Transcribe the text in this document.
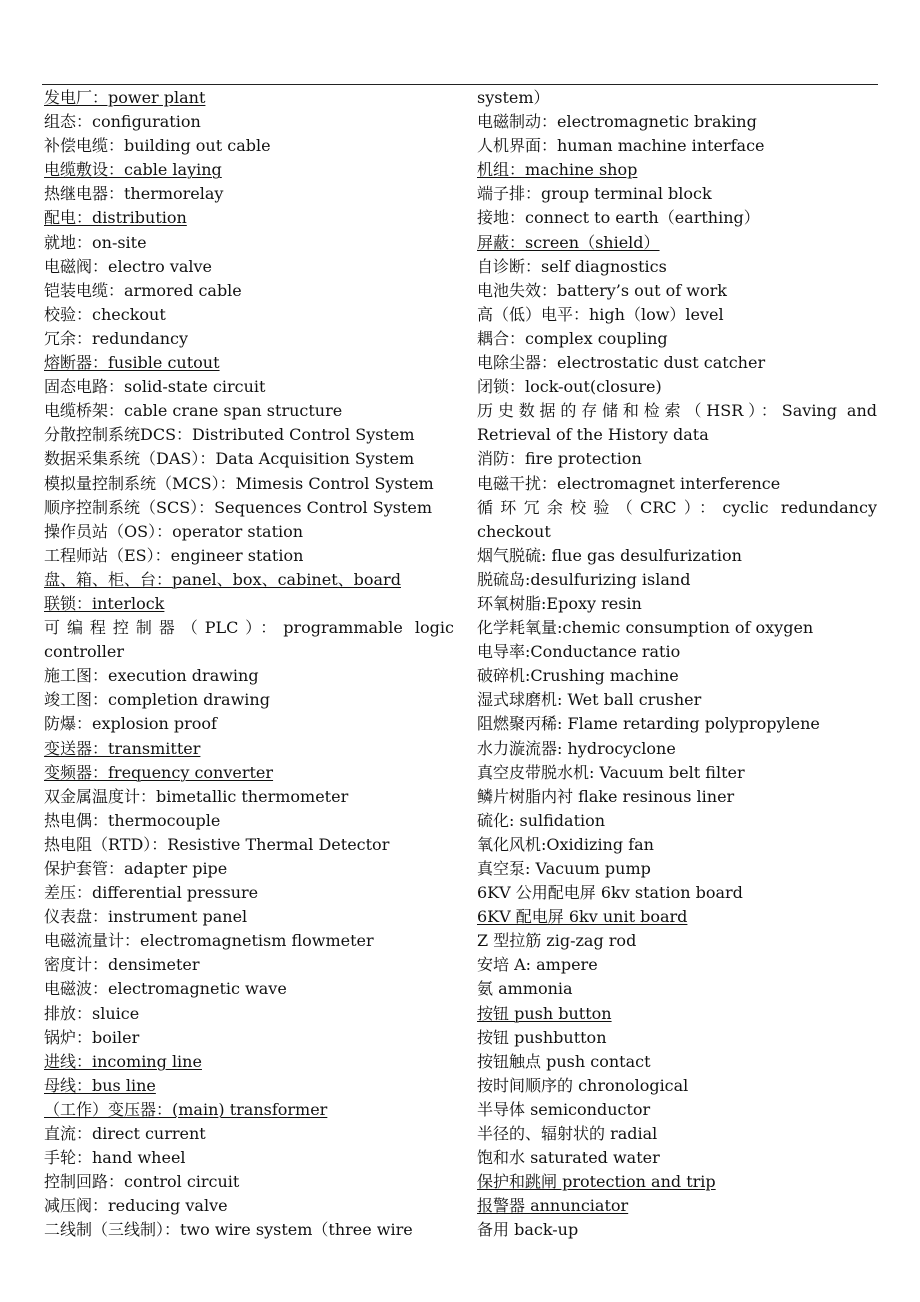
发电厂：power plant
组态：configuration
补偿电缆：building out cable
电缆敷设：cable laying
热继电器：thermorelay
配电：distribution
就地：on-site
电磁阀：electro valve
铠装电缆：armored cable
校验：checkout
冗余：redundancy
熔断器：fusible cutout
固态电路：solid-state circuit
电缆桥架：cable crane span structure
分散控制系统DCS：Distributed Control System
数据采集系统（DAS）：Data Acquisition System
模拟量控制系统（MCS）：Mimesis Control System
顺序控制系统（SCS）：Sequences Control System
操作员站（OS）：operator station
工程师站（ES）：engineer station
盘、箱、柜、台：panel、box、cabinet、board
联锁：interlock
可编程控制器（PLC）：programmable logic
controller
施工图：execution drawing
竣工图：completion drawing
防爆：explosion proof
变送器：transmitter
变频器：frequency converter
双金属温度计：bimetallic thermometer
热电偶：thermocouple
热电阻（RTD）：Resistive Thermal Detector
保护套管：adapter pipe
差压：differential pressure
仪表盘：instrument panel
电磁流量计：electromagnetism flowmeter
密度计：densimeter
电磁波：electromagnetic wave
排放：sluice
锅炉：boiler
进线：incoming line
母线：bus line
（工作）变压器：(main) transformer
直流：direct current
手轮：hand wheel
控制回路：control circuit
减压阀：reducing valve
二线制（三线制）：two wire system（three wire
system）
电磁制动：electromagnetic braking
人机界面：human machine interface
机组：machine shop
端子排：group terminal block
接地：connect to earth（earthing）
屏蔽：screen（shield）
自诊断：self diagnostics
电池失效：battery’s out of work
高（低）电平：high（low）level
耦合：complex coupling
电除尘器：electrostatic dust catcher
闭锁：lock-out(closure)
历史数据的存储和检索（HSR）：Saving and
Retrieval of the History data
消防：fire protection
电磁干扰：electromagnet interference
循环冗余校验（CRC）：cyclic redundancy
checkout
烟气脱硫: flue gas desulfurization
脱硫岛:desulfurizing island
环氧树脂:Epoxy resin
化学耗氧量:chemic consumption of oxygen
电导率:Conductance ratio
破碎机:Crushing machine
湿式球磨机: Wet ball crusher
阻燃聚丙稀: Flame retarding polypropylene
水力漩流器: hydrocyclone
真空皮带脱水机: Vacuum belt filter
鳞片树脂内衬 flake resinous liner
硫化: sulfidation
氧化风机:Oxidizing fan
真空泵: Vacuum pump
6KV 公用配电屏 6kv station board
6KV 配电屏 6kv unit board
Z 型拉筋 zig-zag rod
安培 A: ampere
氨 ammonia
按钮 push button
按钮 pushbutton
按钮触点 push contact
按时间顺序的 chronological
半导体 semiconductor
半径的、辐射状的 radial
饱和水 saturated water
保护和跳闸 protection and trip
报警器 annunciator
备用 back-up
